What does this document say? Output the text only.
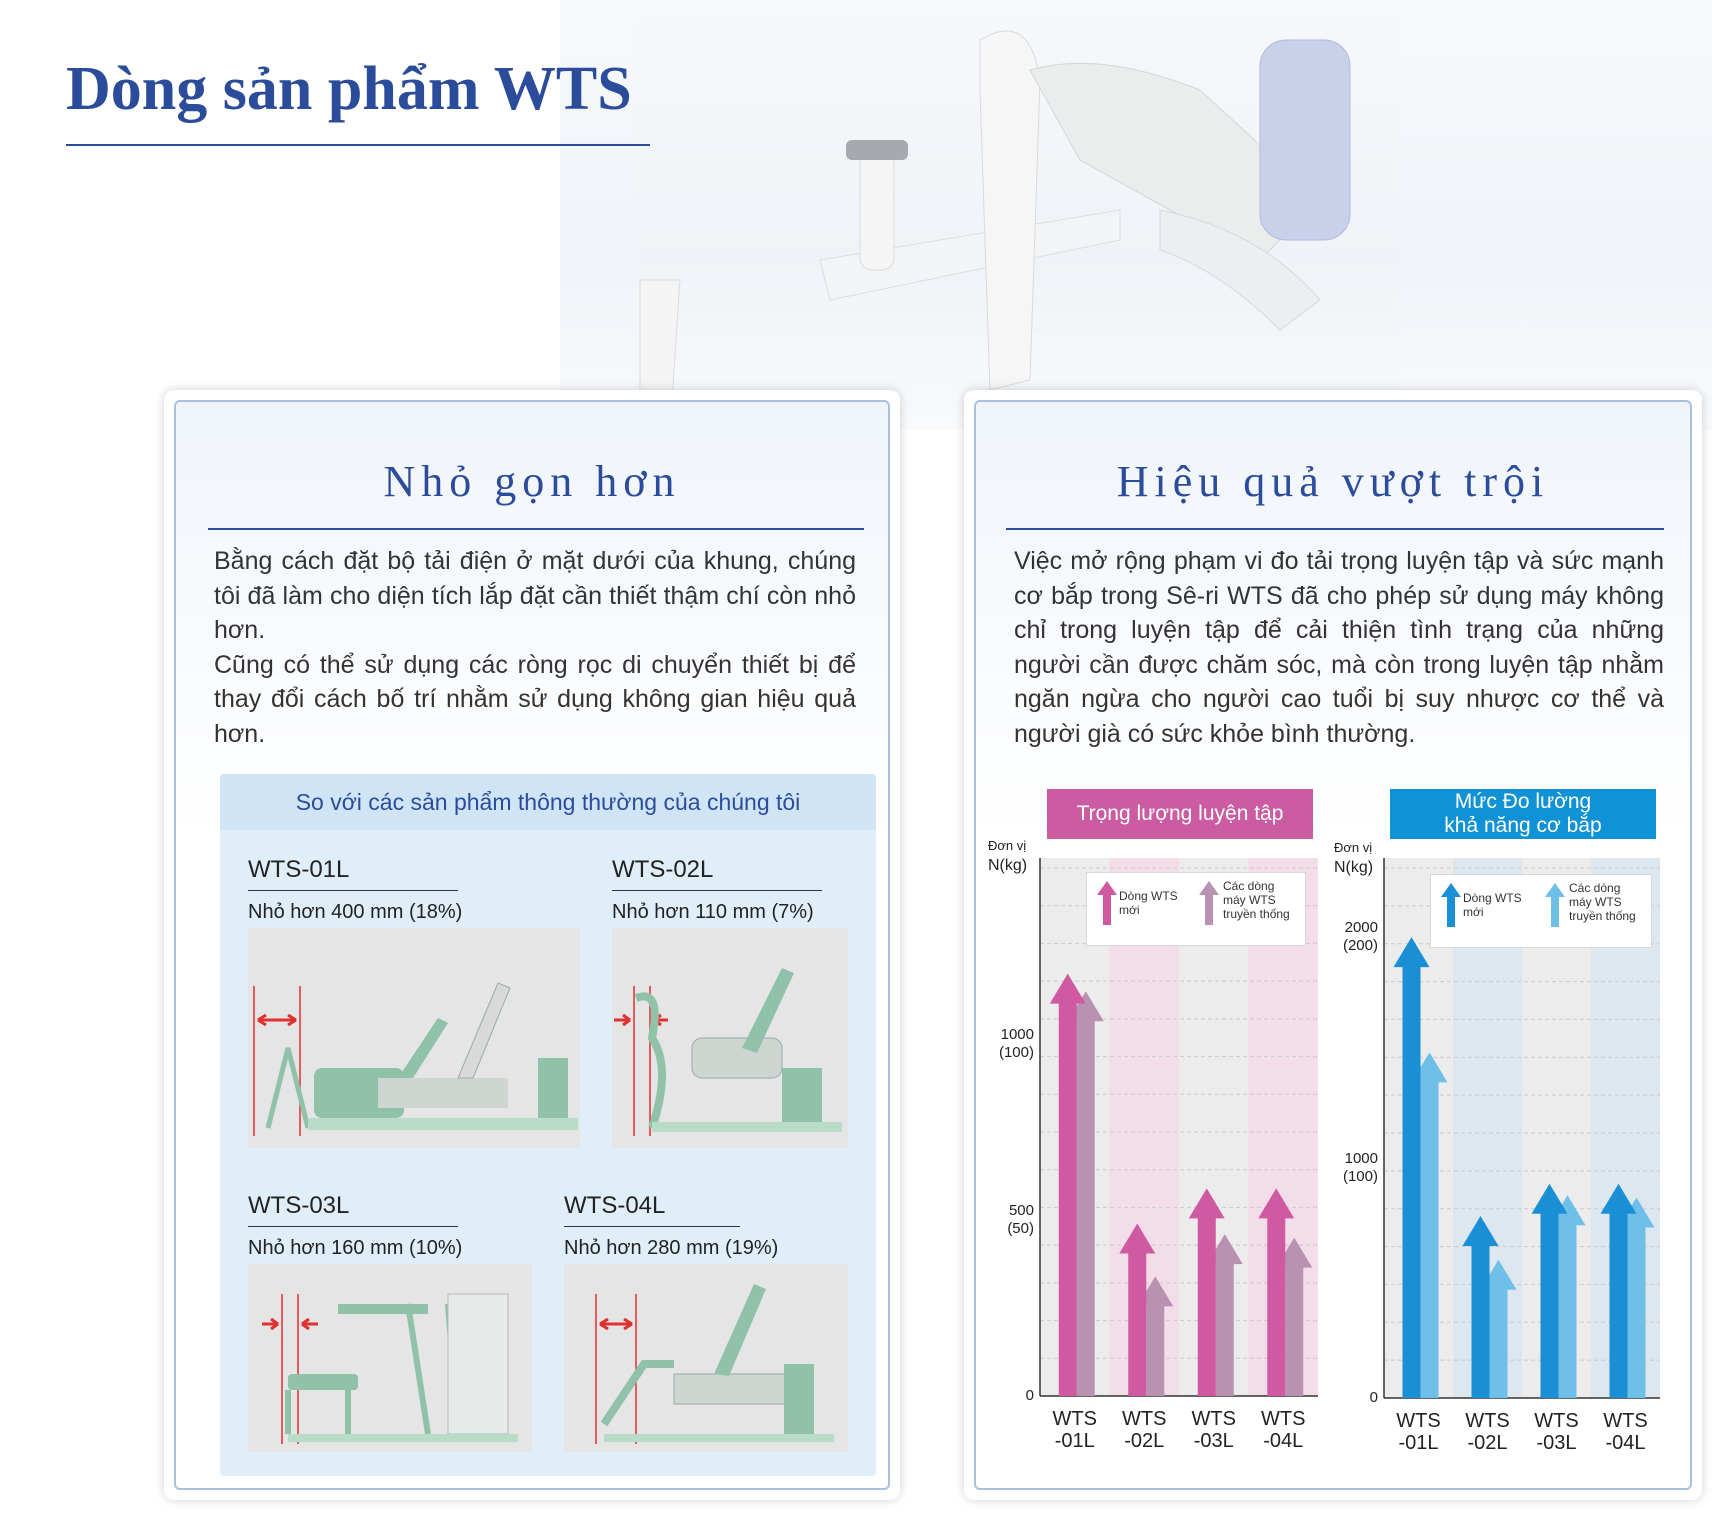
Dòng sản phẩm WTS
Nhỏ gọn hơn

Bằng cách đặt bộ tải điện ở mặt dưới của khung, chúng tôi đã làm cho diện tích lắp đặt cần thiết thậm chí còn nhỏ hơn.

Cũng có thể sử dụng các ròng rọc di chuyển thiết bị để thay đổi cách bố trí nhằm sử dụng không gian hiệu quả hơn.

So với các sản phẩm thông thường của chúng tôi
WTS-01L
Nhỏ hơn 400 mm (18%)
WTS-02L
Nhỏ hơn 110 mm (7%)
WTS-03L
Nhỏ hơn 160 mm (10%)
WTS-04L
Nhỏ hơn 280 mm (19%)
Hiệu quả vượt trội

Việc mở rộng phạm vi đo tải trọng luyện tập và sức mạnh cơ bắp trong Sê-ri WTS đã cho phép sử dụng máy không chỉ trong luyện tập để cải thiện tình trạng của những người cần được chăm sóc, mà còn trong luyện tập nhằm ngăn ngừa cho người cao tuổi bị suy nhược cơ thể và người già có sức khỏe bình thường.

Trọng lượng luyện tập
Đơn vị
N(kg)
Dòng WTS
mới
Các dòng
máy WTS
truyền thống
Mức Đo lường
khả năng cơ bắp
Đơn vị
N(kg)
Dòng WTS
mới
Các dòng
máy WTS
truyền thống
0
500
(50)
1000
(100)
WTS
-01L
WTS
-02L
WTS
-03L
WTS
-04L
0
1000
(100)
2000
(200)
WTS
-01L
WTS
-02L
WTS
-03L
WTS
-04L
